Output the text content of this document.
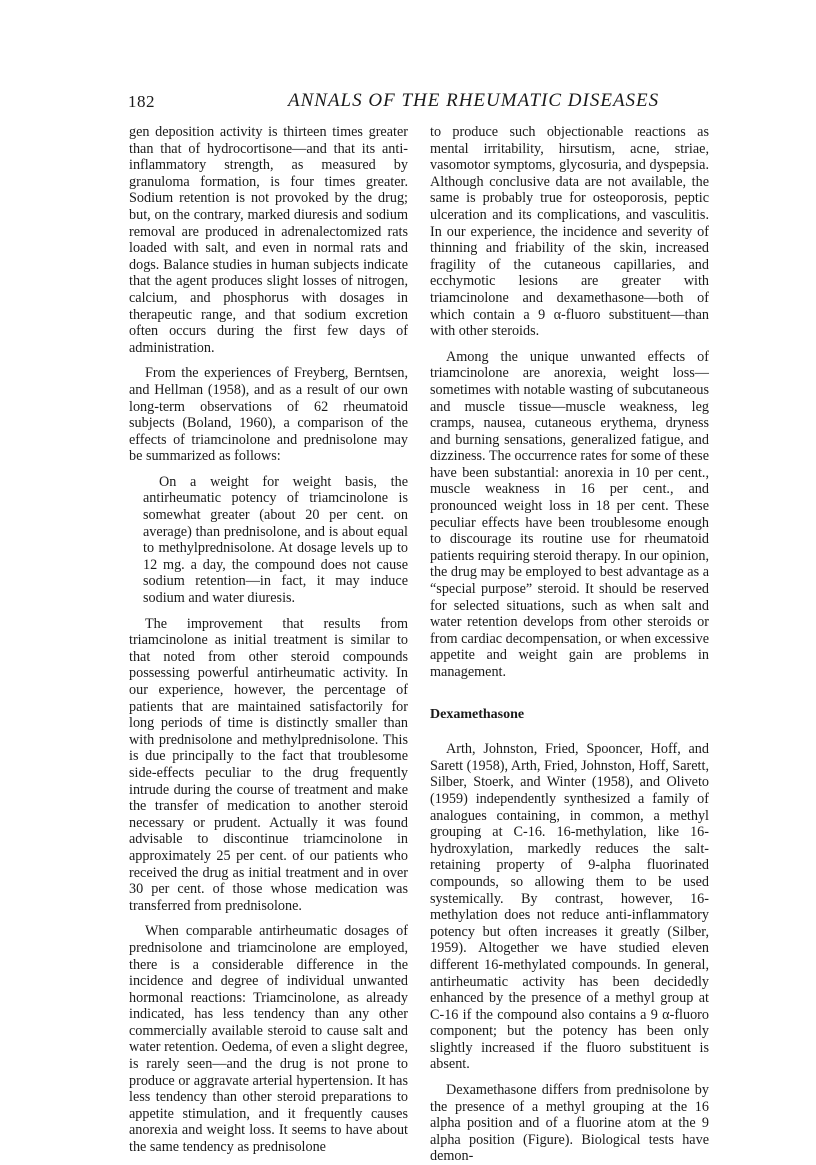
182	ANNALS OF THE RHEUMATIC DISEASES

gen deposition activity is thirteen times greater than that of hydrocortisone—and that its anti-inflammatory strength, as measured by granuloma formation, is four times greater. Sodium retention is not provoked by the drug; but, on the contrary, marked diuresis and sodium removal are produced in adrenalectomized rats loaded with salt, and even in normal rats and dogs. Balance studies in human subjects indicate that the agent produces slight losses of nitrogen, calcium, and phosphorus with dosages in therapeutic range, and that sodium excretion often occurs during the first few days of administration.

From the experiences of Freyberg, Berntsen, and Hellman (1958), and as a result of our own long-term observations of 62 rheumatoid subjects (Boland, 1960), a comparison of the effects of triamcinolone and prednisolone may be summarized as follows:

On a weight for weight basis, the antirheumatic potency of triamcinolone is somewhat greater (about 20 per cent. on average) than prednisolone, and is about equal to methylprednisolone. At dosage levels up to 12 mg. a day, the compound does not cause sodium retention—in fact, it may induce sodium and water diuresis.

The improvement that results from triamcinolone as initial treatment is similar to that noted from other steroid compounds possessing powerful antirheumatic activity. In our experience, however, the percentage of patients that are maintained satisfactorily for long periods of time is distinctly smaller than with prednisolone and methylprednisolone. This is due principally to the fact that troublesome side-effects peculiar to the drug frequently intrude during the course of treatment and make the transfer of medication to another steroid necessary or prudent. Actually it was found advisable to discontinue triamcinolone in approximately 25 per cent. of our patients who received the drug as initial treatment and in over 30 per cent. of those whose medication was transferred from prednisolone.

When comparable antirheumatic dosages of prednisolone and triamcinolone are employed, there is a considerable difference in the incidence and degree of individual unwanted hormonal reactions: Triamcinolone, as already indicated, has less tendency than any other commercially available steroid to cause salt and water retention. Oedema, of even a slight degree, is rarely seen—and the drug is not prone to produce or aggravate arterial hypertension. It has less tendency than other steroid preparations to appetite stimulation, and it frequently causes anorexia and weight loss. It seems to have about the same tendency as prednisolone

to produce such objectionable reactions as mental irritability, hirsutism, acne, striae, vasomotor symptoms, glycosuria, and dyspepsia. Although conclusive data are not available, the same is probably true for osteoporosis, peptic ulceration and its complications, and vasculitis. In our experience, the incidence and severity of thinning and friability of the skin, increased fragility of the cutaneous capillaries, and ecchymotic lesions are greater with triamcinolone and dexamethasone—both of which contain a 9 α-fluoro substituent—than with other steroids.

Among the unique unwanted effects of triamcinolone are anorexia, weight loss—sometimes with notable wasting of subcutaneous and muscle tissue—muscle weakness, leg cramps, nausea, cutaneous erythema, dryness and burning sensations, generalized fatigue, and dizziness. The occurrence rates for some of these have been substantial: anorexia in 10 per cent., muscle weakness in 16 per cent., and pronounced weight loss in 18 per cent. These peculiar effects have been troublesome enough to discourage its routine use for rheumatoid patients requiring steroid therapy. In our opinion, the drug may be employed to best advantage as a “special purpose” steroid. It should be reserved for selected situations, such as when salt and water retention develops from other steroids or from cardiac decompensation, or when excessive appetite and weight gain are problems in management.

Dexamethasone

Arth, Johnston, Fried, Spooncer, Hoff, and Sarett (1958), Arth, Fried, Johnston, Hoff, Sarett, Silber, Stoerk, and Winter (1958), and Oliveto (1959) independently synthesized a family of analogues containing, in common, a methyl grouping at C-16. 16-methylation, like 16-hydroxylation, markedly reduces the salt-retaining property of 9-alpha fluorinated compounds, so allowing them to be used systemically. By contrast, however, 16-methylation does not reduce anti-inflammatory potency but often increases it greatly (Silber, 1959). Altogether we have studied eleven different 16-methylated compounds. In general, antirheumatic activity has been decidedly enhanced by the presence of a methyl group at C-16 if the compound also contains a 9 α-fluoro component; but the potency has been only slightly increased if the fluoro substituent is absent.

Dexamethasone differs from prednisolone by the presence of a methyl grouping at the 16 alpha position and of a fluorine atom at the 9 alpha position (Figure). Biological tests have demon-
